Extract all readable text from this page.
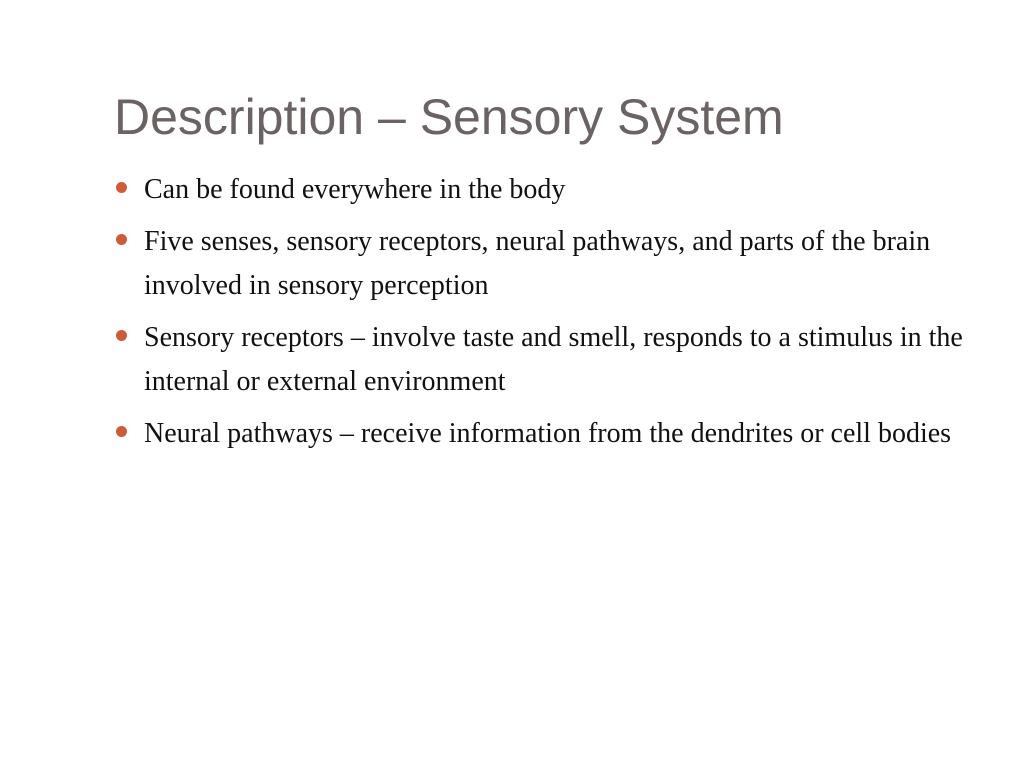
Description – Sensory System
Can be found everywhere in the body
Five senses, sensory receptors, neural pathways, and parts of the brain involved in sensory perception
Sensory receptors – involve taste and smell, responds to a stimulus in the internal or external environment
Neural pathways – receive information from the dendrites or cell bodies
